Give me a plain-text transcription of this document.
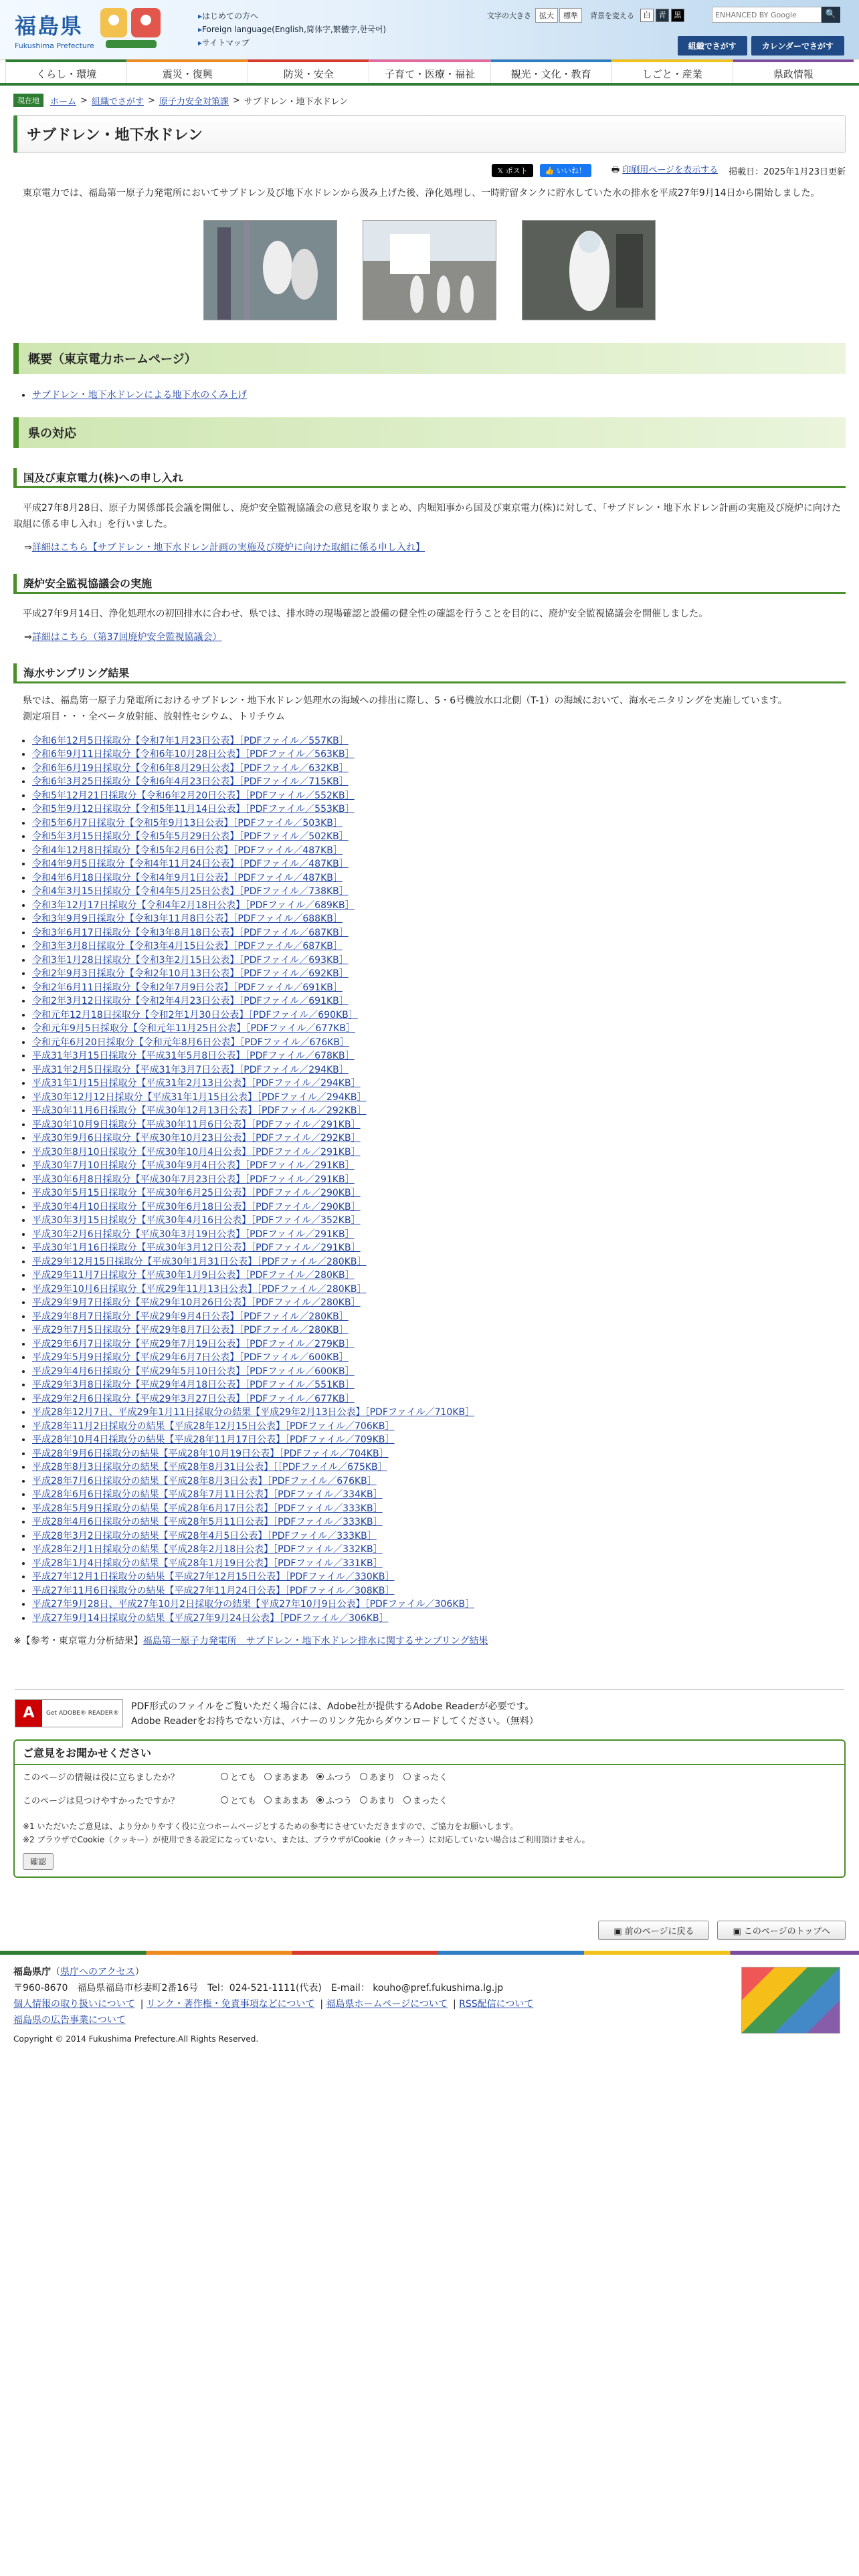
福島県
Fukushima Prefecture
▸ はじめての方へ
▸ Foreign language(English,简体字,繁體字,한국어)
▸ サイトマップ
文字の大きさ	拡大	標準	背景を変える	白	青	黒
ENHANCED BY Google	🔍
組織でさがす	カレンダーでさがす
くらし・環境	震災・復興	防災・安全	子育て・医療・福祉	観光・文化・教育	しごと・産業	県政情報
現在地	ホーム > 組織でさがす > 原子力安全対策課 > サブドレン・地下水ドレン
サブドレン・地下水ドレン
𝕏 ポスト	👍 いいね！	🖶 印刷用ページを表示する 掲載日：2025年1月23日更新

　東京電力では、福島第一原子力発電所においてサブドレン及び地下水ドレンから汲み上げた後、浄化処理し、一時貯留タンクに貯水していた水の排水を平成27年9月14日から開始しました。

概要（東京電力ホームページ）
• サブドレン・地下水ドレンによる地下水のくみ上げ
県の対応
国及び東京電力(株)への申し入れ

　平成27年8月28日、原子力関係部長会議を開催し、廃炉安全監視協議会の意見を取りまとめ、内堀知事から国及び東京電力(株)に対して、「サブドレン・地下水ドレン計画の実施及び廃炉に向けた取組に係る申し入れ」を行いました。

⇒詳細はこちら【サブドレン・地下水ドレン計画の実施及び廃炉に向けた取組に係る申し入れ】
廃炉安全監視協議会の実施

　平成27年9月14日、浄化処理水の初回排水に合わせ、県では、排水時の現場確認と設備の健全性の確認を行うことを目的に、廃炉安全監視協議会を開催しました。

⇒詳細はこちら（第37回廃炉安全監視協議会）
海水サンプリング結果

　県では、福島第一原子力発電所におけるサブドレン・地下水ドレン処理水の海域への排出に際し、5・6号機放水口北側（T-1）の海域において、海水モニタリングを実施しています。

　測定項目・・・全ベータ放射能、放射性セシウム、トリチウム

• 令和6年12月5日採取分【令和7年1月23日公表】［PDFファイル／557KB］
• 令和6年9月11日採取分【令和6年10月28日公表】［PDFファイル／563KB］
• 令和6年6月19日採取分【令和6年8月29日公表】［PDFファイル／632KB］
• 令和6年3月25日採取分【令和6年4月23日公表】［PDFファイル／715KB］
• 令和5年12月21日採取分【令和6年2月20日公表】［PDFファイル／552KB］
• 令和5年9月12日採取分【令和5年11月14日公表】［PDFファイル／553KB］
• 令和5年6月7日採取分【令和5年9月13日公表】［PDFファイル／503KB］
• 令和5年3月15日採取分【令和5年5月29日公表】［PDFファイル／502KB］
• 令和4年12月8日採取分【令和5年2月6日公表】［PDFファイル／487KB］
• 令和4年9月5日採取分【令和4年11月24日公表】［PDFファイル／487KB］
• 令和4年6月18日採取分【令和4年9月1日公表】［PDFファイル／487KB］
• 令和4年3月15日採取分【令和4年5月25日公表】［PDFファイル／738KB］
• 令和3年12月17日採取分【令和4年2月18日公表】［PDFファイル／689KB］
• 令和3年9月9日採取分【令和3年11月8日公表】［PDFファイル／688KB］
• 令和3年6月17日採取分【令和3年8月18日公表】［PDFファイル／687KB］
• 令和3年3月8日採取分【令和3年4月15日公表】［PDFファイル／687KB］
• 令和3年1月28日採取分【令和3年2月15日公表】［PDFファイル／693KB］
• 令和2年9月3日採取分【令和2年10月13日公表】［PDFファイル／692KB］
• 令和2年6月11日採取分【令和2年7月9日公表】［PDFファイル／691KB］
• 令和2年3月12日採取分【令和2年4月23日公表】［PDFファイル／691KB］
• 令和元年12月18日採取分【令和2年1月30日公表】［PDFファイル／690KB］
• 令和元年9月5日採取分【令和元年11月25日公表】［PDFファイル／677KB］
• 令和元年6月20日採取分【令和元年8月6日公表】［PDFファイル／676KB］
• 平成31年3月15日採取分【平成31年5月8日公表】［PDFファイル／678KB］
• 平成31年2月5日採取分【平成31年3月7日公表】［PDFファイル／294KB］
• 平成31年1月15日採取分【平成31年2月13日公表】［PDFファイル／294KB］
• 平成30年12月12日採取分【平成31年1月15日公表】［PDFファイル／294KB］
• 平成30年11月6日採取分【平成30年12月13日公表】［PDFファイル／292KB］
• 平成30年10月9日採取分【平成30年11月6日公表】［PDFファイル／291KB］
• 平成30年9月6日採取分【平成30年10月23日公表】［PDFファイル／292KB］
• 平成30年8月10日採取分【平成30年10月4日公表】［PDFファイル／291KB］
• 平成30年7月10日採取分【平成30年9月4日公表】［PDFファイル／291KB］
• 平成30年6月8日採取分【平成30年7月23日公表】［PDFファイル／291KB］
• 平成30年5月15日採取分【平成30年6月25日公表】［PDFファイル／290KB］
• 平成30年4月10日採取分【平成30年6月18日公表】［PDFファイル／290KB］
• 平成30年3月15日採取分【平成30年4月16日公表】［PDFファイル／352KB］
• 平成30年2月6日採取分【平成30年3月19日公表】［PDFファイル／291KB］
• 平成30年1月16日採取分【平成30年3月12日公表】［PDFファイル／291KB］
• 平成29年12月15日採取分【平成30年1月31日公表】［PDFファイル／280KB］
• 平成29年11月7日採取分【平成30年1月9日公表】［PDFファイル／280KB］
• 平成29年10月6日採取分【平成29年11月13日公表】［PDFファイル／280KB］
• 平成29年9月7日採取分【平成29年10月26日公表】［PDFファイル／280KB］
• 平成29年8月7日採取分【平成29年9月4日公表】［PDFファイル／280KB］
• 平成29年7月5日採取分【平成29年8月7日公表】［PDFファイル／280KB］
• 平成29年6月7日採取分【平成29年7月19日公表】［PDFファイル／279KB］
• 平成29年5月9日採取分【平成29年6月7日公表】［PDFファイル／600KB］
• 平成29年4月6日採取分【平成29年5月10日公表】［PDFファイル／600KB］
• 平成29年3月8日採取分【平成29年4月18日公表】［PDFファイル／551KB］
• 平成29年2月6日採取分【平成29年3月27日公表】［PDFファイル／677KB］
• 平成28年12月7日、平成29年1月11日採取分の結果【平成29年2月13日公表】［PDFファイル／710KB］
• 平成28年11月2日採取分の結果【平成28年12月15日公表】［PDFファイル／706KB］
• 平成28年10月4日採取分の結果【平成28年11月17日公表】［PDFファイル／709KB］
• 平成28年9月6日採取分の結果【平成28年10月19日公表】［PDFファイル／704KB］
• 平成28年8月3日採取分の結果【平成28年8月31日公表】［［PDFファイル／675KB］
• 平成28年7月6日採取分の結果【平成28年8月3日公表】［PDFファイル／676KB］
• 平成28年6月6日採取分の結果【平成28年7月11日公表】［PDFファイル／334KB］
• 平成28年5月9日採取分の結果【平成28年6月17日公表】［PDFファイル／333KB］
• 平成28年4月6日採取分の結果【平成28年5月11日公表】［PDFファイル／333KB］
• 平成28年3月2日採取分の結果【平成28年4月5日公表】［PDFファイル／333KB］
• 平成28年2月1日採取分の結果【平成28年2月18日公表】［PDFファイル／332KB］
• 平成28年1月4日採取分の結果【平成28年1月19日公表】［PDFファイル／331KB］
• 平成27年12月1日採取分の結果【平成27年12月15日公表】［PDFファイル／330KB］
• 平成27年11月6日採取分の結果【平成27年11月24日公表】［PDFファイル／308KB］
• 平成27年9月28日、平成27年10月2日採取分の結果【平成27年10月9日公表】［PDFファイル／306KB］
• 平成27年9月14日採取分の結果【平成27年9月24日公表】［PDFファイル／306KB］
※【参考・東京電力分析結果】福島第一原子力発電所　サブドレン・地下水ドレン排水に関するサンプリング結果
A	Get ADOBE® READER®
PDF形式のファイルをご覧いただく場合には、Adobe社が提供するAdobe Readerが必要です。
Adobe Readerをお持ちでない方は、バナーのリンク先からダウンロードしてください。（無料）
ご意見をお聞かせください
このページの情報は役に立ちましたか？	とても まあまあ ふつう あまり まったく
このページは見つけやすかったですか？	とても まあまあ ふつう あまり まったく
※1 いただいたご意見は、より分かりやすく役に立つホームページとするための参考にさせていただきますので、ご協力をお願いします。
※2 ブラウザでCookie（クッキー）が使用できる設定になっていない、または、ブラウザがCookie（クッキー）に対応していない場合はご利用頂けません。
確認
▣ 前のページに戻る	▣ このページのトップへ
福島県庁（県庁へのアクセス）
〒960-8670　福島県福島市杉妻町2番16号　Tel：024-521-1111(代表)　E-mail： kouho@pref.fukushima.lg.jp
個人情報の取り扱いについて | リンク・著作権・免責事項などについて | 福島県ホームページについて | RSS配信について
福島県の広告事業について
Copyright © 2014 Fukushima Prefecture.All Rights Reserved.
